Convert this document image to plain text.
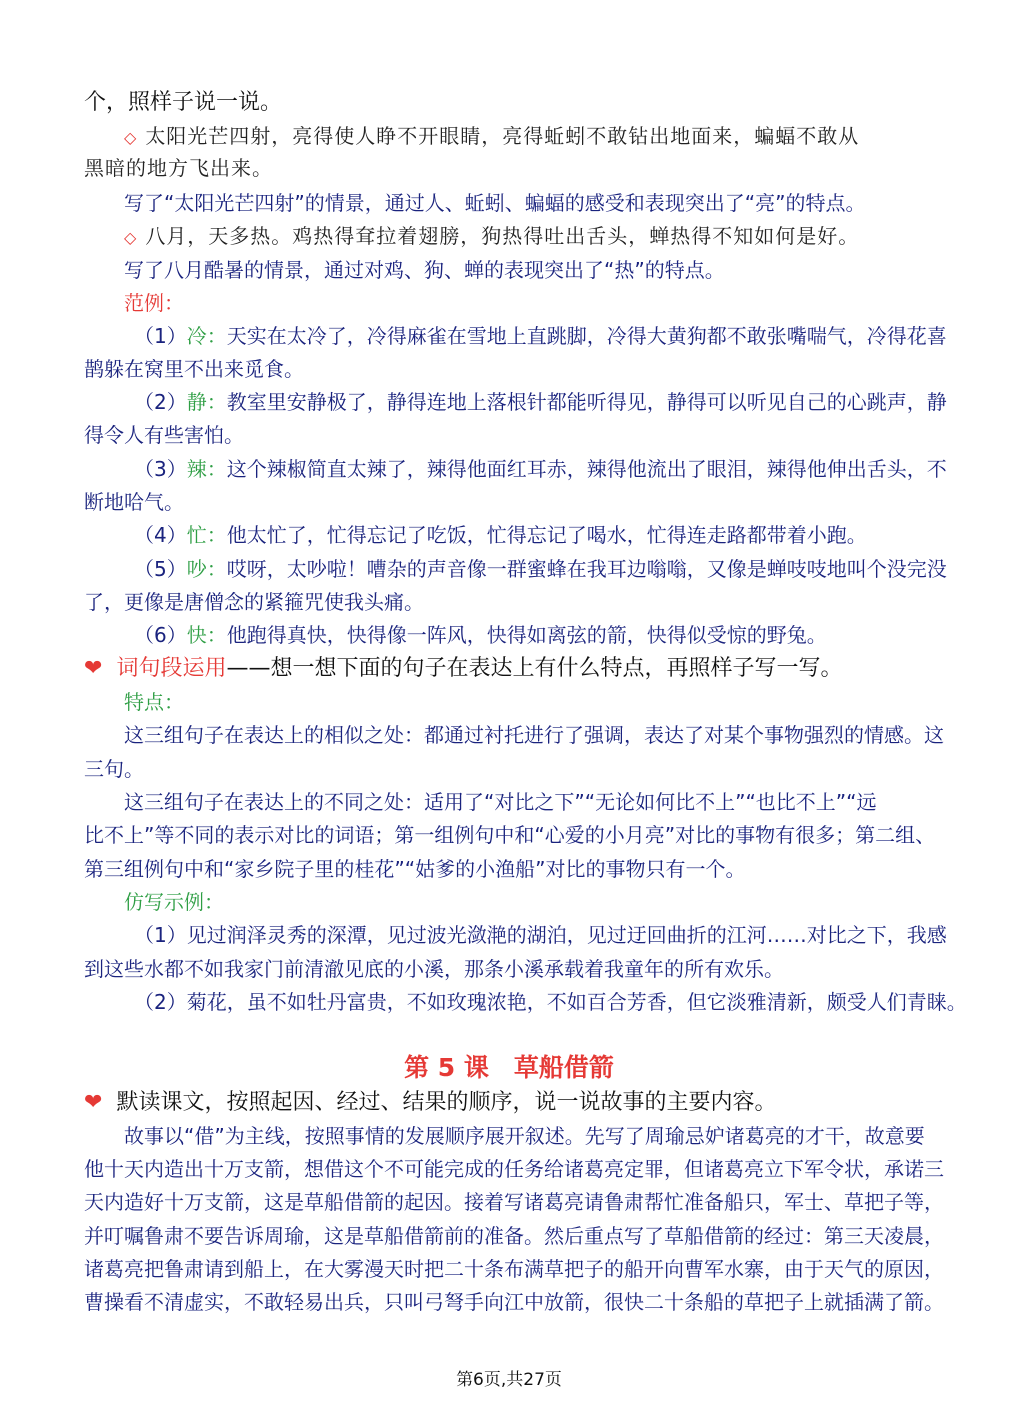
个，照样子说一说。
◇ 太阳光芒四射，亮得使人睁不开眼睛，亮得蚯蚓不敢钻出地面来，蝙蝠不敢从
黑暗的地方飞出来。
写了“太阳光芒四射”的情景，通过人、蚯蚓、蝙蝠的感受和表现突出了“亮”的特点。
◇ 八月，天多热。鸡热得耷拉着翅膀，狗热得吐出舌头，蝉热得不知如何是好。
写了八月酷暑的情景，通过对鸡、狗、蝉的表现突出了“热”的特点。
范例：
（1）冷：天实在太冷了，冷得麻雀在雪地上直跳脚，冷得大黄狗都不敢张嘴喘气，冷得花喜
鹊躲在窝里不出来觅食。
（2）静：教室里安静极了，静得连地上落根针都能听得见，静得可以听见自己的心跳声，静
得令人有些害怕。
（3）辣：这个辣椒简直太辣了，辣得他面红耳赤，辣得他流出了眼泪，辣得他伸出舌头，不
断地哈气。
（4）忙：他太忙了，忙得忘记了吃饭，忙得忘记了喝水，忙得连走路都带着小跑。
（5）吵：哎呀，太吵啦！嘈杂的声音像一群蜜蜂在我耳边嗡嗡，又像是蝉吱吱地叫个没完没
了，更像是唐僧念的紧箍咒使我头痛。
（6）快：他跑得真快，快得像一阵风，快得如离弦的箭，快得似受惊的野兔。
❤ 词句段运用——想一想下面的句子在表达上有什么特点，再照样子写一写。
特点：
这三组句子在表达上的相似之处：都通过衬托进行了强调，表达了对某个事物强烈的情感。这
三句。
这三组句子在表达上的不同之处：适用了“对比之下”“无论如何比不上”“也比不上”“远
比不上”等不同的表示对比的词语；第一组例句中和“心爱的小月亮”对比的事物有很多；第二组、
第三组例句中和“家乡院子里的桂花”“姑爹的小渔船”对比的事物只有一个。
仿写示例：
（1）见过润泽灵秀的深潭，见过波光潋滟的湖泊，见过迂回曲折的江河……对比之下，我感
到这些水都不如我家门前清澈见底的小溪，那条小溪承载着我童年的所有欢乐。
（2）菊花，虽不如牡丹富贵，不如玫瑰浓艳，不如百合芳香，但它淡雅清新，颇受人们青睐。
第 5 课　草船借箭
❤ 默读课文，按照起因、经过、结果的顺序，说一说故事的主要内容。
故事以“借”为主线，按照事情的发展顺序展开叙述。先写了周瑜忌妒诸葛亮的才干，故意要
他十天内造出十万支箭，想借这个不可能完成的任务给诸葛亮定罪，但诸葛亮立下军令状，承诺三
天内造好十万支箭，这是草船借箭的起因。接着写诸葛亮请鲁肃帮忙准备船只，军士、草把子等，
并叮嘱鲁肃不要告诉周瑜，这是草船借箭前的准备。然后重点写了草船借箭的经过：第三天凌晨，
诸葛亮把鲁肃请到船上，在大雾漫天时把二十条布满草把子的船开向曹军水寨，由于天气的原因，
曹操看不清虚实，不敢轻易出兵，只叫弓弩手向江中放箭，很快二十条船的草把子上就插满了箭。
第6页,共27页
